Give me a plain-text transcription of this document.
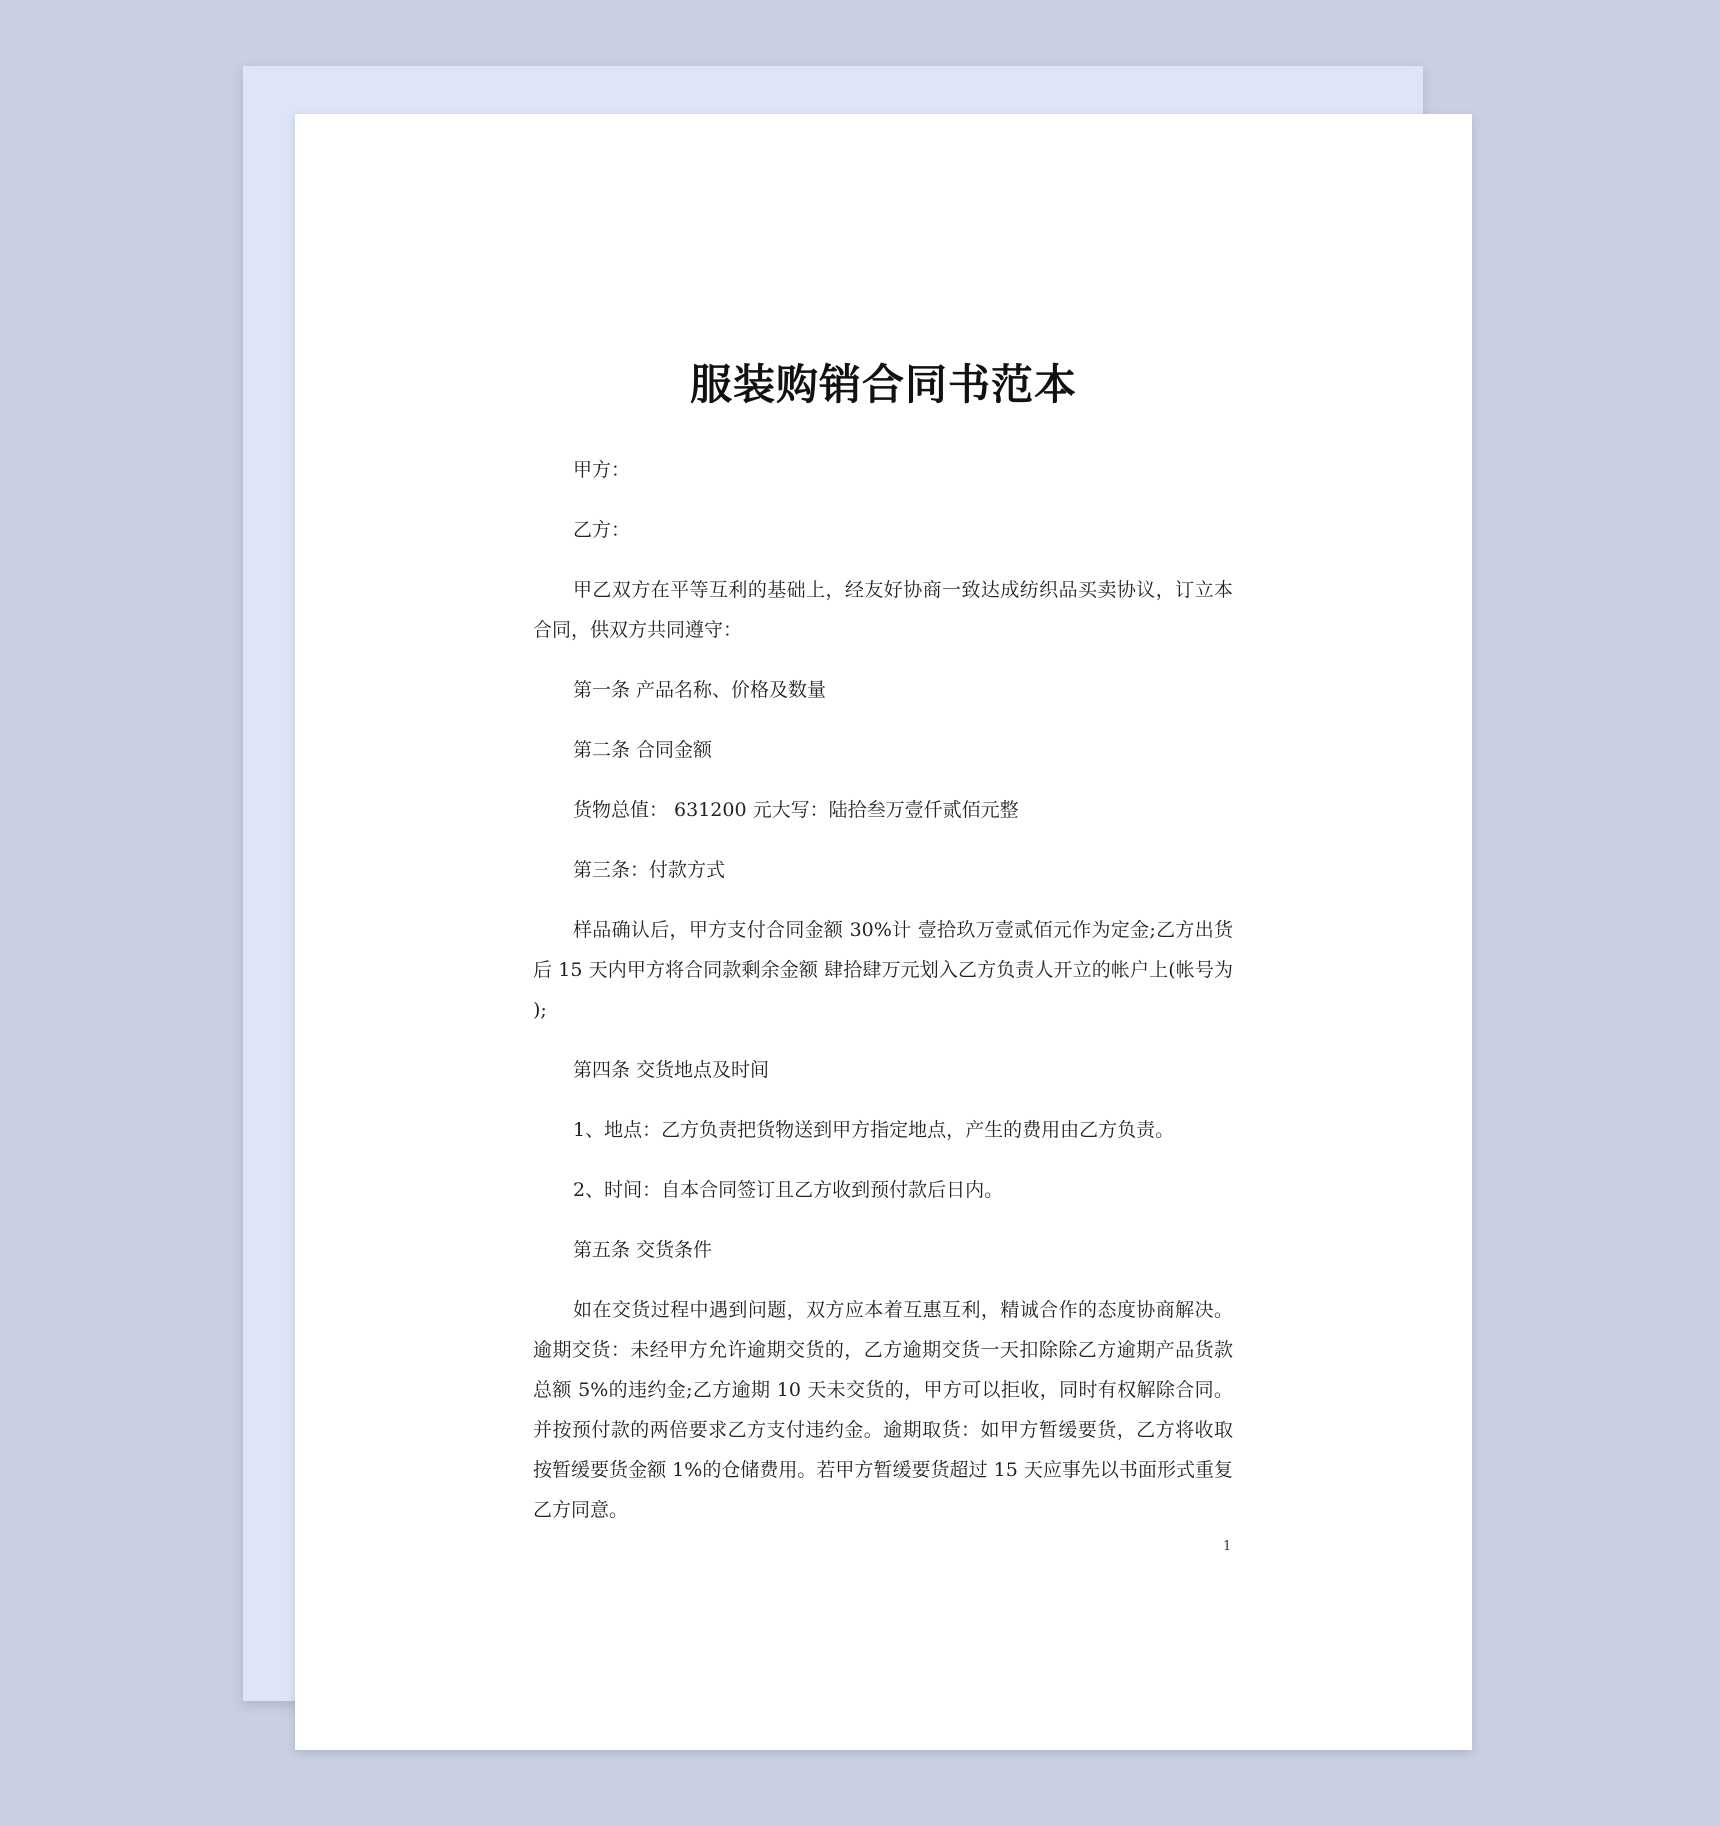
服装购销合同书范本

甲方：

乙方：

甲乙双方在平等互利的基础上，经友好协商一致达成纺织品买卖协议，订立本合同，供双方共同遵守：

第一条 产品名称、价格及数量

第二条 合同金额

货物总值： 631200 元大写：陆拾叁万壹仟贰佰元整

第三条：付款方式

样品确认后，甲方支付合同金额 30%计 壹拾玖万壹贰佰元作为定金;乙方出货后 15 天内甲方将合同款剩余金额 肆拾肆万元划入乙方负责人开立的帐户上(帐号为 );

第四条 交货地点及时间

1、地点：乙方负责把货物送到甲方指定地点，产生的费用由乙方负责。

2、时间：自本合同签订且乙方收到预付款后日内。

第五条 交货条件

如在交货过程中遇到问题，双方应本着互惠互利，精诚合作的态度协商解决。 逾期交货：未经甲方允许逾期交货的，乙方逾期交货一天扣除除乙方逾期产品货款总额 5%的违约金;乙方逾期 10 天未交货的，甲方可以拒收，同时有权解除合同。并按预付款的两倍要求乙方支付违约金。逾期取货：如甲方暂缓要货，乙方将收取按暂缓要货金额 1%的仓储费用。若甲方暂缓要货超过 15 天应事先以书面形式重复乙方同意。

1
